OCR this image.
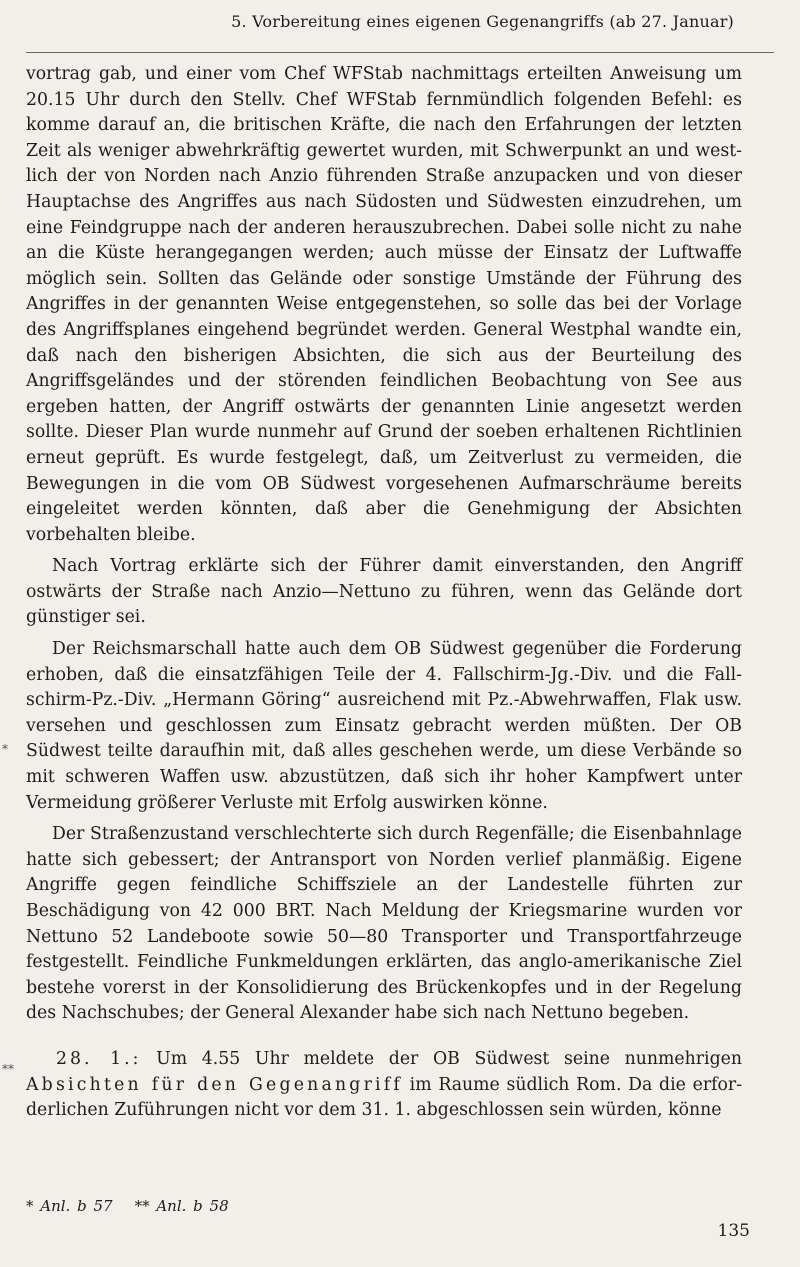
5. Vorbereitung eines eigenen Gegenangriffs (ab 27. Januar)

vortrag gab, und einer vom Chef WFStab nachmittags erteilten Anweisung um 20.15 Uhr durch den Stellv. Chef WFStab fernmündlich folgenden Befehl: es komme darauf an, die britischen Kräfte, die nach den Erfahrungen der letzten Zeit als weniger abwehrkräftig gewertet wurden, mit Schwerpunkt an und westlich der von Norden nach Anzio führenden Straße anzupacken und von dieser Hauptachse des Angriffes aus nach Südosten und Südwesten einzudrehen, um eine Feindgruppe nach der anderen herauszubrechen. Dabei solle nicht zu nahe an die Küste herangegangen werden; auch müsse der Einsatz der Luftwaffe möglich sein. Sollten das Gelände oder sonstige Umstände der Führung des Angriffes in der genannten Weise entgegenstehen, so solle das bei der Vorlage des Angriffsplanes eingehend begründet werden. General Westphal wandte ein, daß nach den bisherigen Absichten, die sich aus der Beurteilung des Angriffsgeländes und der störenden feindlichen Beobachtung von See aus ergeben hatten, der Angriff ostwärts der genannten Linie angesetzt werden sollte. Dieser Plan wurde nunmehr auf Grund der soeben erhaltenen Richtlinien erneut geprüft. Es wurde festgelegt, daß, um Zeitverlust zu vermeiden, die Bewegungen in die vom OB Südwest vorgesehenen Aufmarschräume bereits eingeleitet werden könnten, daß aber die Genehmigung der Absichten vorbehalten bleibe.

Nach Vortrag erklärte sich der Führer damit einverstanden, den Angriff ostwärts der Straße nach Anzio—Nettuno zu führen, wenn das Gelände dort günstiger sei.

Der Reichsmarschall hatte auch dem OB Südwest gegenüber die Forderung erhoben, daß die einsatzfähigen Teile der 4. Fallschirm-Jg.-Div. und die Fallschirm-Pz.-Div. „Hermann Göring“ ausreichend mit Pz.-Abwehrwaffen, Flak usw. versehen und geschlossen zum Einsatz gebracht werden müßten. Der OB Südwest teilte daraufhin mit, daß alles geschehen werde, um diese Verbände so mit schweren Waffen usw. abzustützen, daß sich ihr hoher Kampfwert unter Vermeidung größerer Verluste mit Erfolg auswirken könne.

Der Straßenzustand verschlechterte sich durch Regenfälle; die Eisenbahnlage hatte sich gebessert; der Antransport von Norden verlief planmäßig. Eigene Angriffe gegen feindliche Schiffsziele an der Landestelle führten zur Beschädigung von 42 000 BRT. Nach Meldung der Kriegsmarine wurden vor Nettuno 52 Landeboote sowie 50—80 Transporter und Transportfahrzeuge festgestellt. Feindliche Funkmeldungen erklärten, das anglo-amerikanische Ziel bestehe vorerst in der Konsolidierung des Brückenkopfes und in der Regelung des Nachschubes; der General Alexander habe sich nach Nettuno begeben.

28. 1.: Um 4.55 Uhr meldete der OB Südwest seine nunmehrigen Absichten für den Gegenangriff im Raume südlich Rom. Da die erforderlichen Zuführungen nicht vor dem 31. 1. abgeschlossen sein würden, könne

*
**
* Anl. b 57 ** Anl. b 58
135
